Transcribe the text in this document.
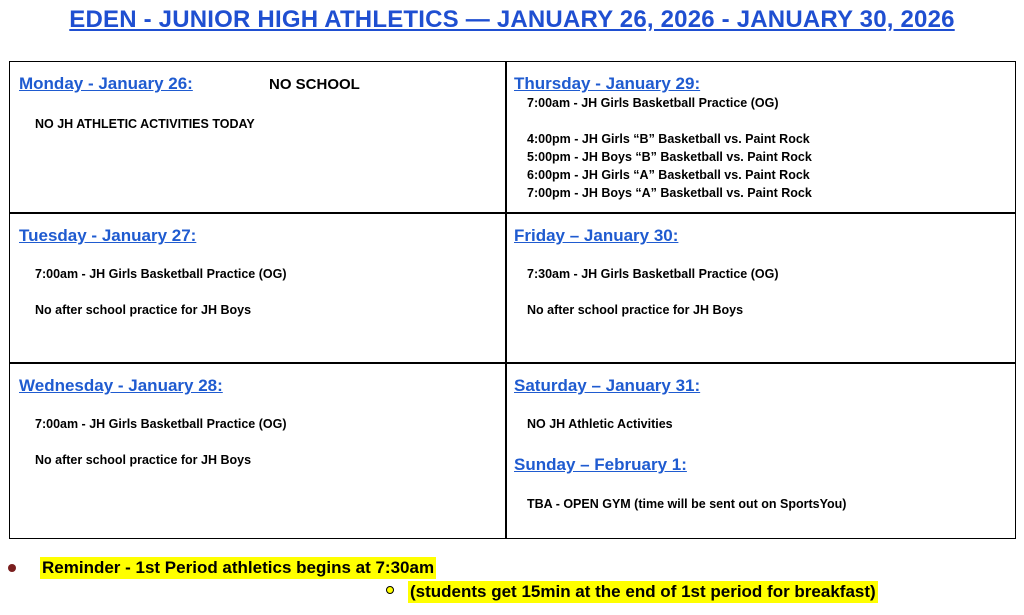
EDEN - JUNIOR HIGH ATHLETICS — JANUARY 26, 2026 - JANUARY 30, 2026
Monday - January 26:	NO SCHOOL
NO JH ATHLETIC ACTIVITIES TODAY
Thursday - January 29:
7:00am - JH Girls Basketball Practice (OG)
4:00pm - JH Girls “B” Basketball vs. Paint Rock
5:00pm - JH Boys “B” Basketball vs. Paint Rock
6:00pm - JH Girls “A” Basketball vs. Paint Rock
7:00pm - JH Boys “A” Basketball vs. Paint Rock
Tuesday - January 27:
7:00am - JH Girls Basketball Practice (OG)
No after school practice for JH Boys
Friday – January 30:
7:30am - JH Girls Basketball Practice (OG)
No after school practice for JH Boys
Wednesday - January 28:
7:00am - JH Girls Basketball Practice (OG)
No after school practice for JH Boys
Saturday – January 31:
NO JH Athletic Activities
Sunday – February 1:
TBA - OPEN GYM (time will be sent out on SportsYou)
Reminder - 1st Period athletics begins at 7:30am
(students get 15min at the end of 1st period for breakfast)
